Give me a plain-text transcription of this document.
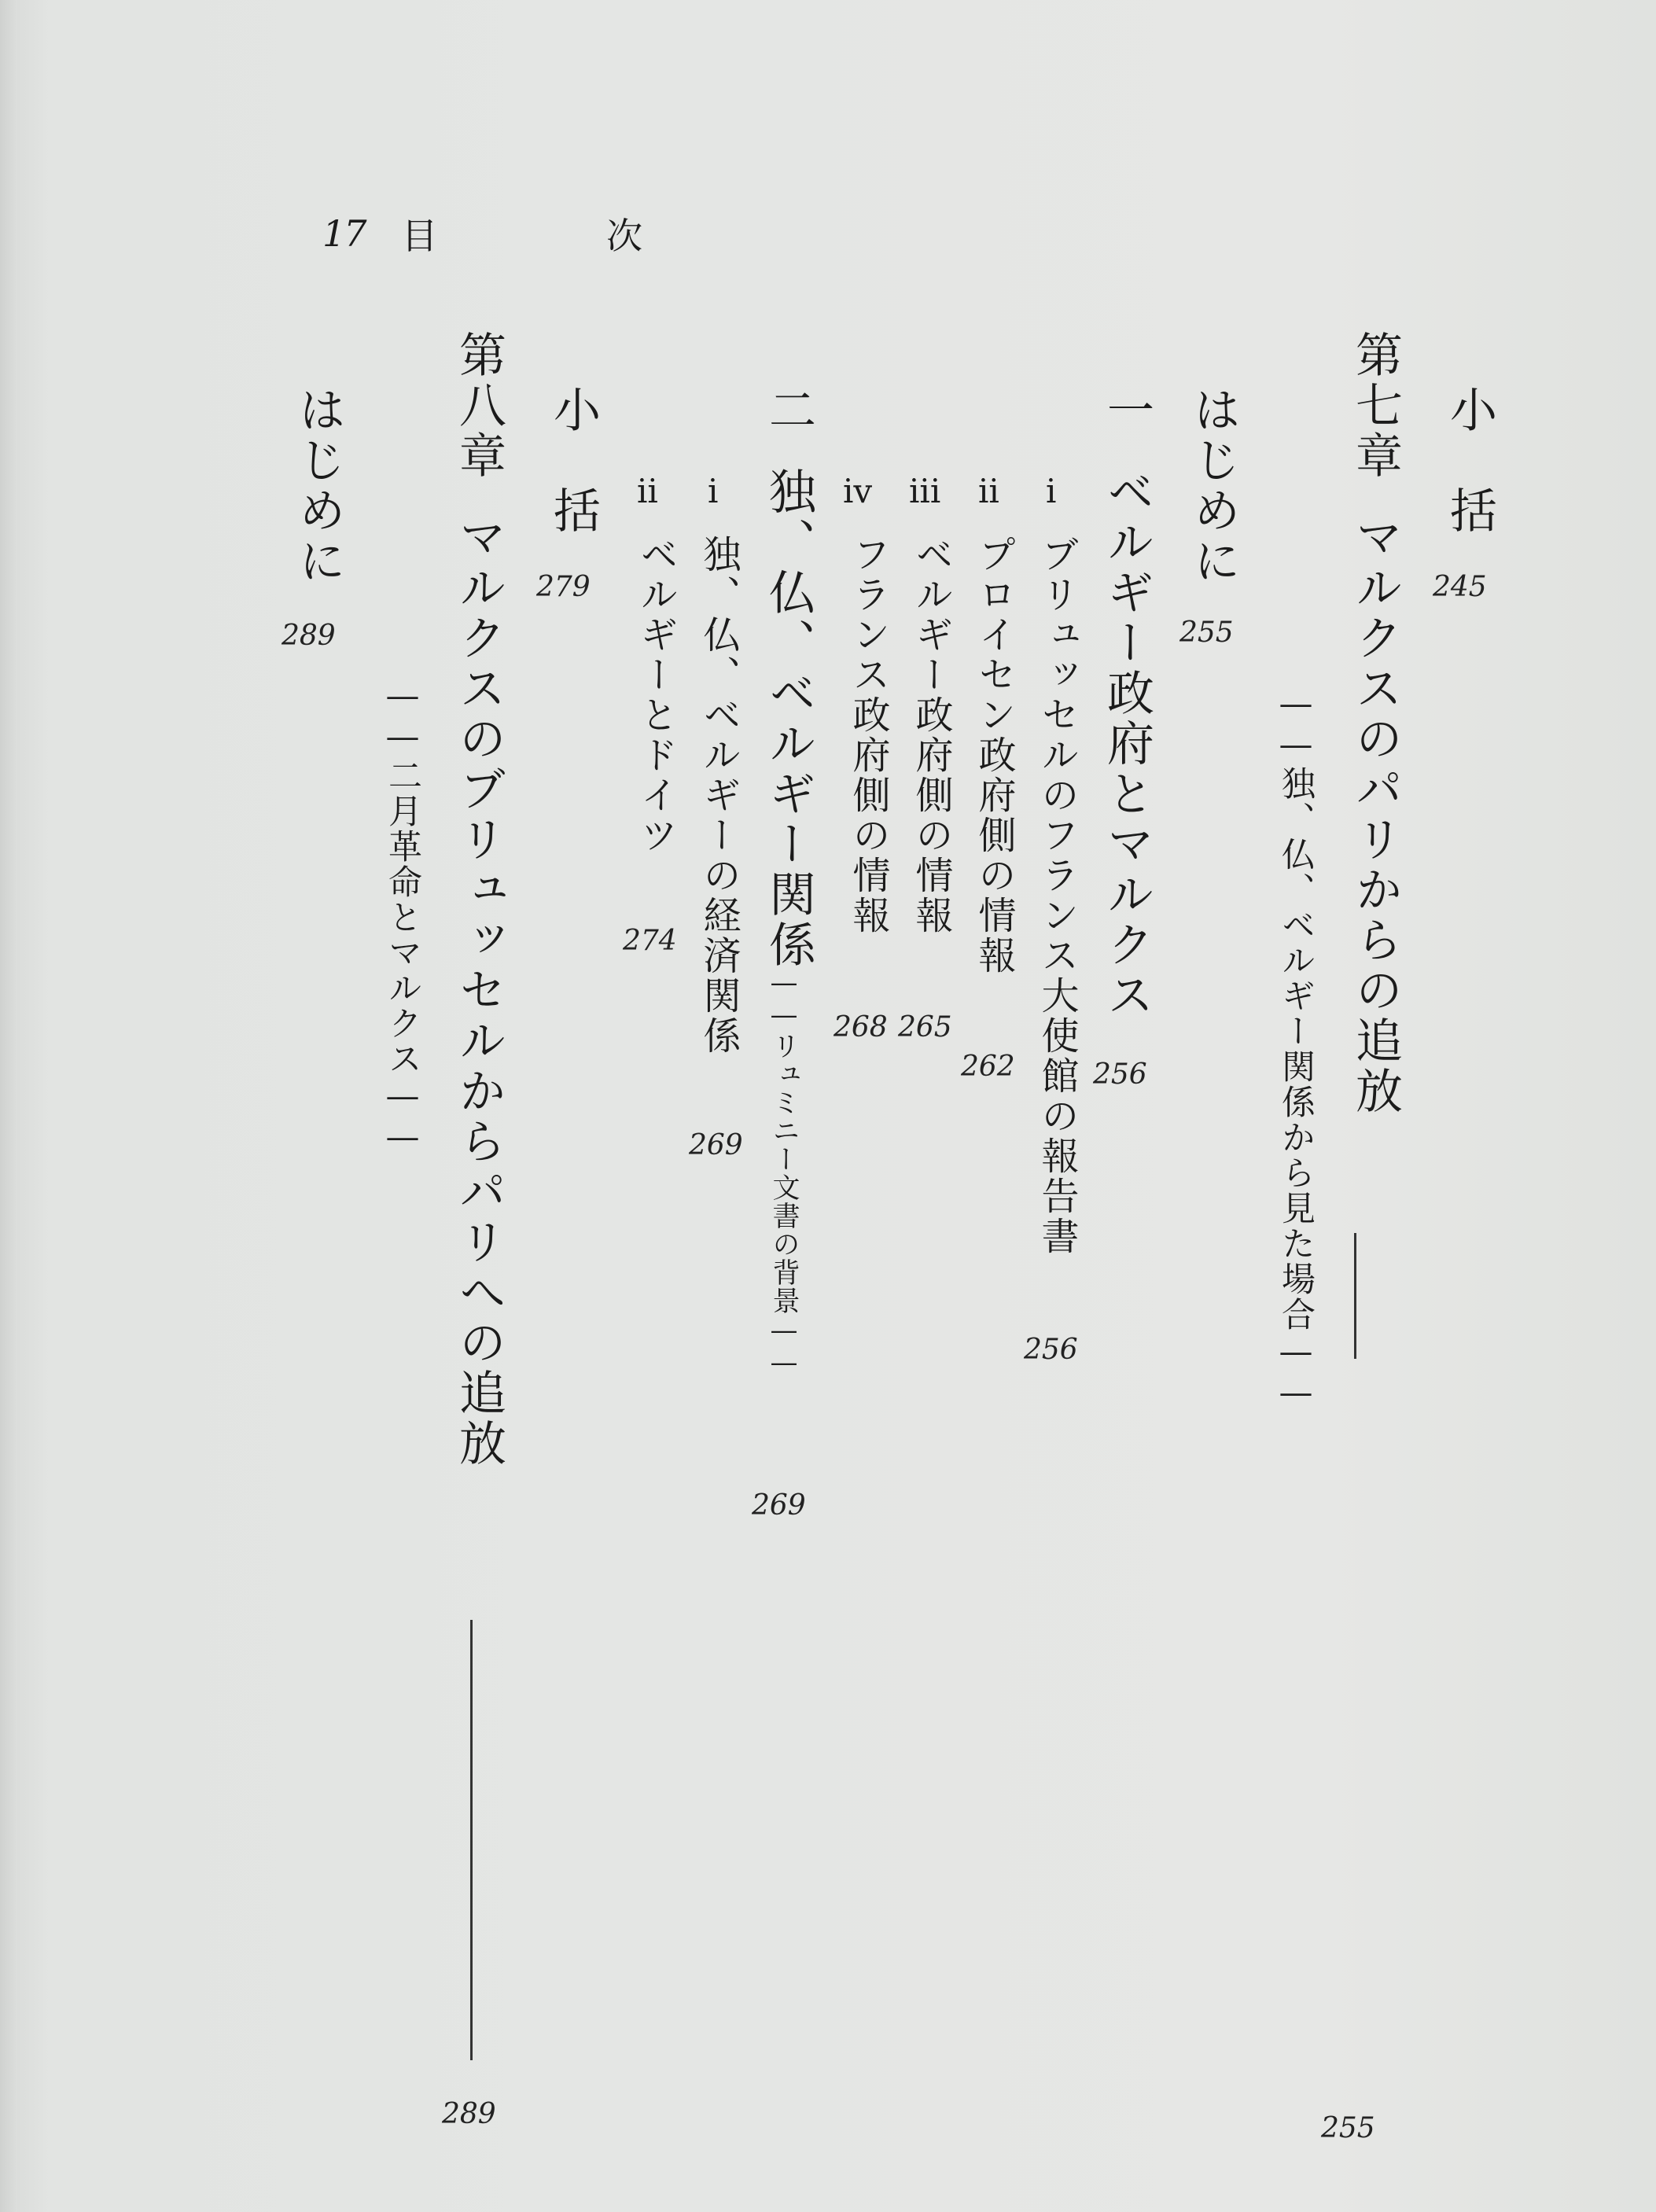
17 目 次
小　括
245
第七章マルクスのパリからの追放
255
——独、仏、ベルギー関係から見た場合——
はじめに
255
一ベルギー政府とマルクス
256
i
ブリュッセルのフランス大使館の報告書
256
ii
プロイセン政府側の情報
262
iii
ベルギー政府側の情報
265
iv
フランス政府側の情報
268
二独、仏、ベルギー関係
——リュミニー文書の背景——
269
i
独、仏、ベルギーの経済関係
269
ii
ベルギーとドイツ
274
小　括
279
第八章マルクスのブリュッセルからパリへの追放
289
——二月革命とマルクス——
はじめに
289
